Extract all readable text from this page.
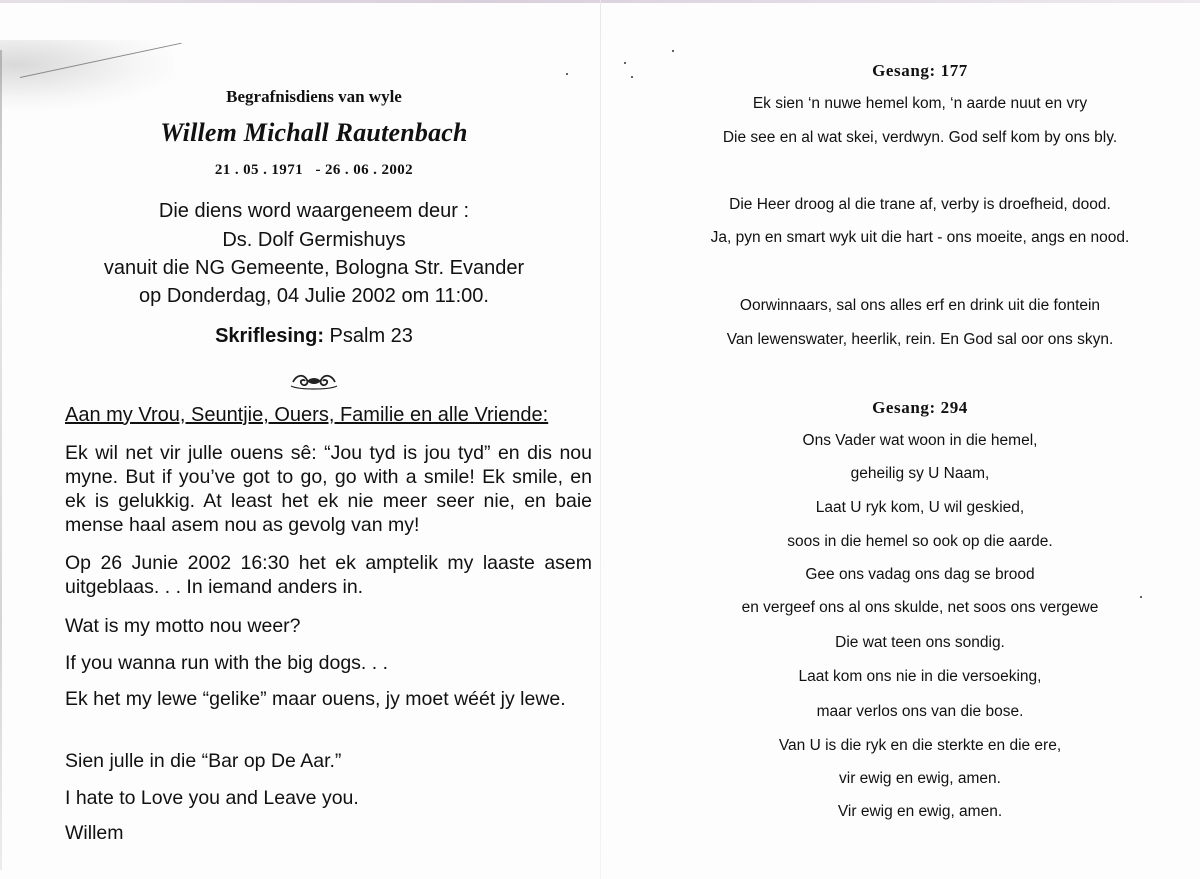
Begrafnisdiens van wyle
Willem Michall Rautenbach
21 . 05 . 1971   - 26 . 06 . 2002
Die diens word waargeneem deur :
Ds. Dolf Germishuys
vanuit die NG Gemeente, Bologna Str. Evander
op Donderdag, 04 Julie 2002 om 11:00.
Skriflesing: Psalm 23
Aan my Vrou, Seuntjie, Ouers, Familie en alle Vriende:
Ek wil net vir julle ouens sê: “Jou tyd is jou tyd” en dis nou myne. But if you’ve got to go, go with a smile! Ek smile, en ek is gelukkig. At least het ek nie meer seer nie, en baie mense haal asem nou as gevolg van my!
Op 26 Junie 2002 16:30 het ek amptelik my laaste asem uitgeblaas. . . In iemand anders in.
Wat is my motto nou weer?
If you wanna run with the big dogs. . .
Ek het my lewe “gelike” maar ouens, jy moet wéét jy lewe.
Sien julle in die “Bar op De Aar.”
I hate to Love you and Leave you.
Willem
Gesang: 177
Ek sien ‘n nuwe hemel kom, ‘n aarde nuut en vry
Die see en al wat skei, verdwyn. God self kom by ons bly.
Die Heer droog al die trane af, verby is droefheid, dood.
Ja, pyn en smart wyk uit die hart - ons moeite, angs en nood.
Oorwinnaars, sal ons alles erf en drink uit die fontein
Van lewenswater, heerlik, rein. En God sal oor ons skyn.
Gesang: 294
Ons Vader wat woon in die hemel,
geheilig sy U Naam,
Laat U ryk kom, U wil geskied,
soos in die hemel so ook op die aarde.
Gee ons vadag ons dag se brood
en vergeef ons al ons skulde, net soos ons vergewe
Die wat teen ons sondig.
Laat kom ons nie in die versoeking,
maar verlos ons van die bose.
Van U is die ryk en die sterkte en die ere,
vir ewig en ewig, amen.
Vir ewig en ewig, amen.
